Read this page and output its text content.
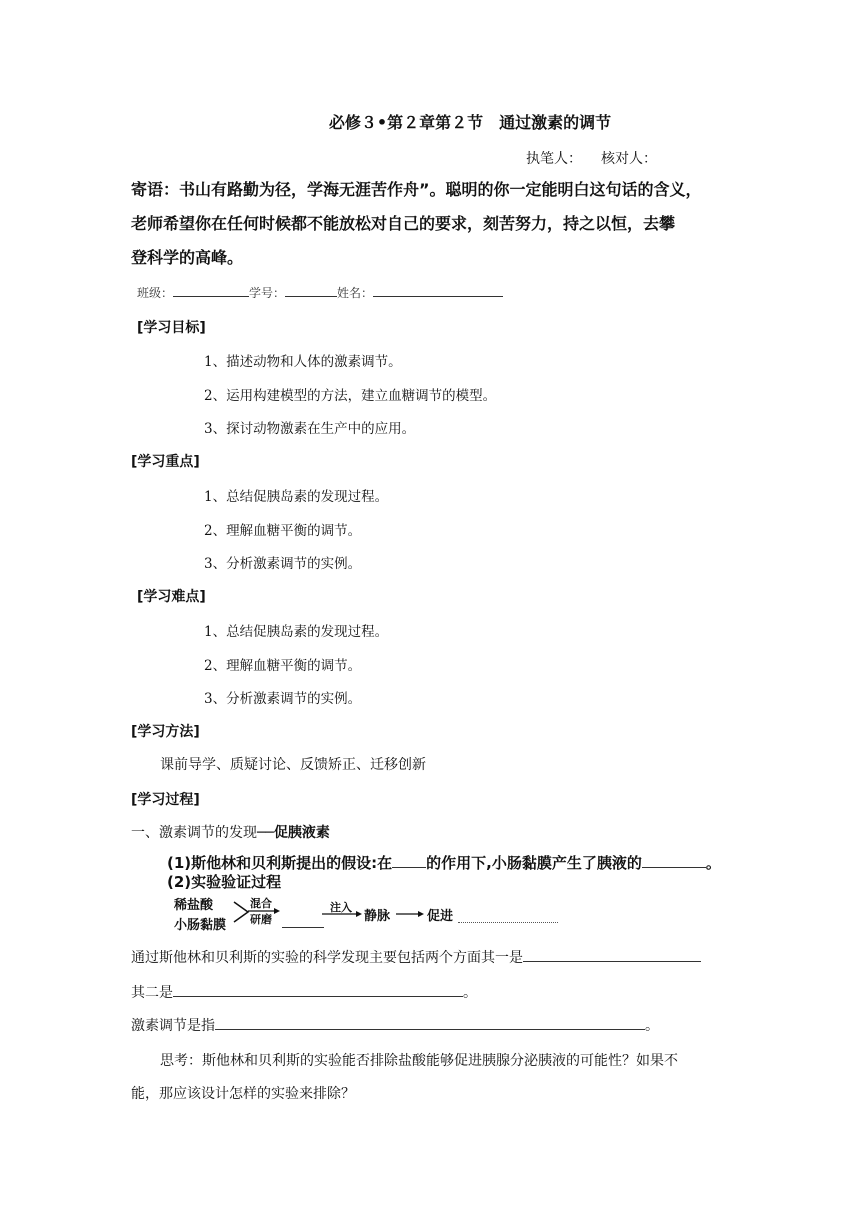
必修３•第２章第２节　通过激素的调节
执笔人： 核对人：
寄语：书山有路勤为径，学海无涯苦作舟”。聪明的你一定能明白这句话的含义，
老师希望你在任何时候都不能放松对自己的要求，刻苦努力，持之以恒，去攀
登科学的高峰。
班级：	学号：	姓名：
[学习目标]
1、描述动物和人体的激素调节。
2、运用构建模型的方法，建立血糖调节的模型。
3、探讨动物激素在生产中的应用。
[学习重点]
1、总结促胰岛素的发现过程。
2、理解血糖平衡的调节。
3、分析激素调节的实例。
[学习难点]
1、总结促胰岛素的发现过程。
2、理解血糖平衡的调节。
3、分析激素调节的实例。
[学习方法]
课前导学、质疑讨论、反馈矫正、迁移创新
[学习过程]
一、激素调节的发现──促胰液素
(1)斯他林和贝利斯提出的假设:在 的作用下,小肠黏膜产生了胰液的	。
(2)实验验证过程
稀盐酸
小肠黏膜
混合
研磨
注入
静脉	促进
通过斯他林和贝利斯的实验的科学发现主要包括两个方面其一是
其二是	。
激素调节是指	。
思考：斯他林和贝利斯的实验能否排除盐酸能够促进胰腺分泌胰液的可能性？如果不
能，那应该设计怎样的实验来排除？
